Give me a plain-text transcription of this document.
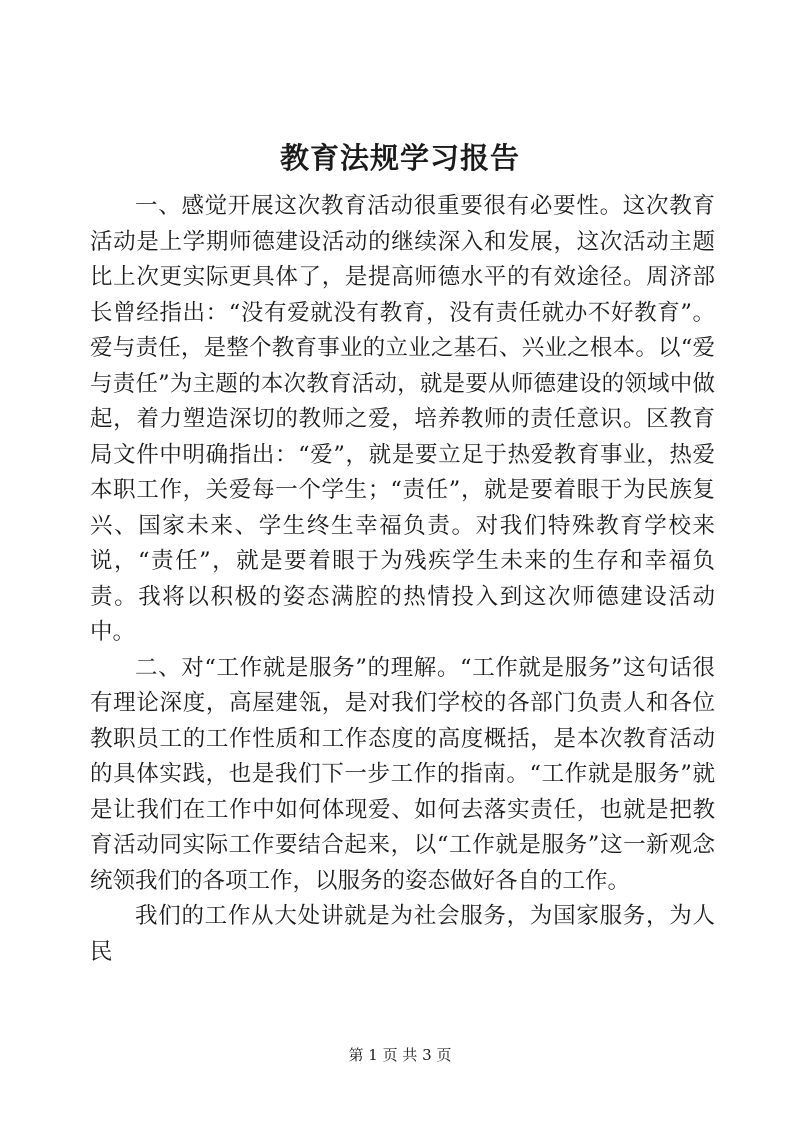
教育法规学习报告

一、感觉开展这次教育活动很重要很有必要性。这次教育活动是上学期师德建设活动的继续深入和发展，这次活动主题比上次更实际更具体了，是提高师德水平的有效途径。周济部长曾经指出：“没有爱就没有教育，没有责任就办不好教育”。爱与责任，是整个教育事业的立业之基石、兴业之根本。以“爱与责任”为主题的本次教育活动，就是要从师德建设的领域中做起，着力塑造深切的教师之爱，培养教师的责任意识。区教育局文件中明确指出：“爱”，就是要立足于热爱教育事业，热爱本职工作，关爱每一个学生；“责任”，就是要着眼于为民族复兴、国家未来、学生终生幸福负责。对我们特殊教育学校来说，“责任”，就是要着眼于为残疾学生未来的生存和幸福负责。我将以积极的姿态满腔的热情投入到这次师德建设活动中。

二、对“工作就是服务”的理解。“工作就是服务”这句话很有理论深度，高屋建瓴，是对我们学校的各部门负责人和各位教职员工的工作性质和工作态度的高度概括，是本次教育活动的具体实践，也是我们下一步工作的指南。“工作就是服务”就是让我们在工作中如何体现爱、如何去落实责任，也就是把教育活动同实际工作要结合起来，以“工作就是服务”这一新观念统领我们的各项工作，以服务的姿态做好各自的工作。

我们的工作从大处讲就是为社会服务，为国家服务，为人民

第 1 页 共 3 页
